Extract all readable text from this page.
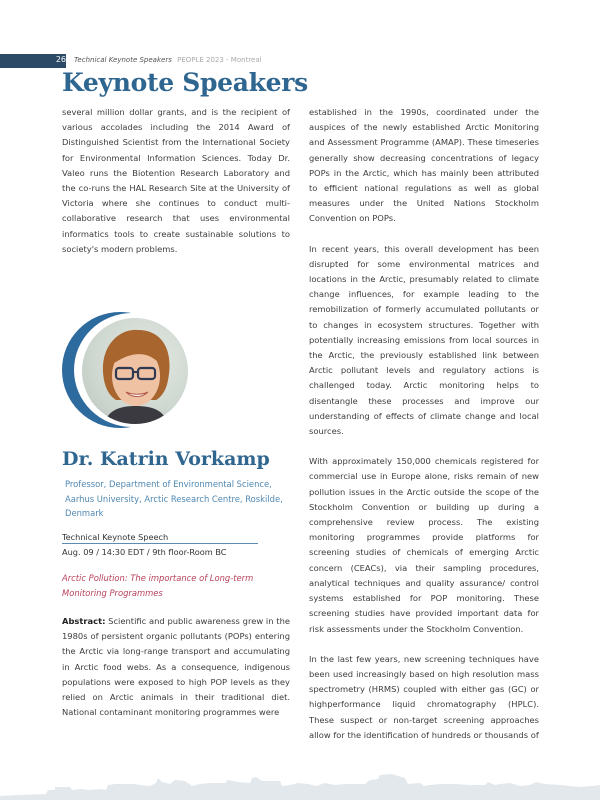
26 Technical Keynote Speakers PEOPLE 2023 - Montreal
Keynote Speakers

several million dollar grants, and is the recipient of various accolades including the 2014 Award of Distinguished Scientist from the International Society for Environmental Information Sciences. Today Dr. Valeo runs the Biotention Research Laboratory and the co-runs the HAL Research Site at the University of Victoria where she continues to conduct multi-collaborative research that uses environmental informatics tools to create sustainable solutions to society's modern problems.

Dr. Katrin Vorkamp
Professor, Department of Environmental Science, Aarhus University, Arctic Research Centre, Roskilde, Denmark
Technical Keynote Speech
Aug. 09 / 14:30 EDT / 9th floor-Room BC
Arctic Pollution: The importance of Long-term Monitoring Programmes
Abstract: Scientific and public awareness grew in the 1980s of persistent organic pollutants (POPs) entering the Arctic via long-range transport and accumulating in Arctic food webs. As a consequence, indigenous populations were exposed to high POP levels as they relied on Arctic animals in their traditional diet. National contaminant monitoring programmes were

established in the 1990s, coordinated under the auspices of the newly established Arctic Monitoring and Assessment Programme (AMAP). These timeseries generally show decreasing concentrations of legacy POPs in the Arctic, which has mainly been attributed to efficient national regulations as well as global measures under the United Nations Stockholm Convention on POPs.

In recent years, this overall development has been disrupted for some environmental matrices and locations in the Arctic, presumably related to climate change influences, for example leading to the remobilization of formerly accumulated pollutants or to changes in ecosystem structures. Together with potentially increasing emissions from local sources in the Arctic, the previously established link between Arctic pollutant levels and regulatory actions is challenged today. Arctic monitoring helps to disentangle these processes and improve our understanding of effects of climate change and local sources.

With approximately 150,000 chemicals registered for commercial use in Europe alone, risks remain of new pollution issues in the Arctic outside the scope of the Stockholm Convention or building up during a comprehensive review process. The existing monitoring programmes provide platforms for screening studies of chemicals of emerging Arctic concern (CEACs), via their sampling procedures, analytical techniques and quality assurance/ control systems established for POP monitoring. These screening studies have provided important data for risk assessments under the Stockholm Convention.

In the last few years, new screening techniques have been used increasingly based on high resolution mass spectrometry (HRMS) coupled with either gas (GC) or highperformance liquid chromatography (HPLC). These suspect or non-target screening approaches allow for the identification of hundreds or thousands of
